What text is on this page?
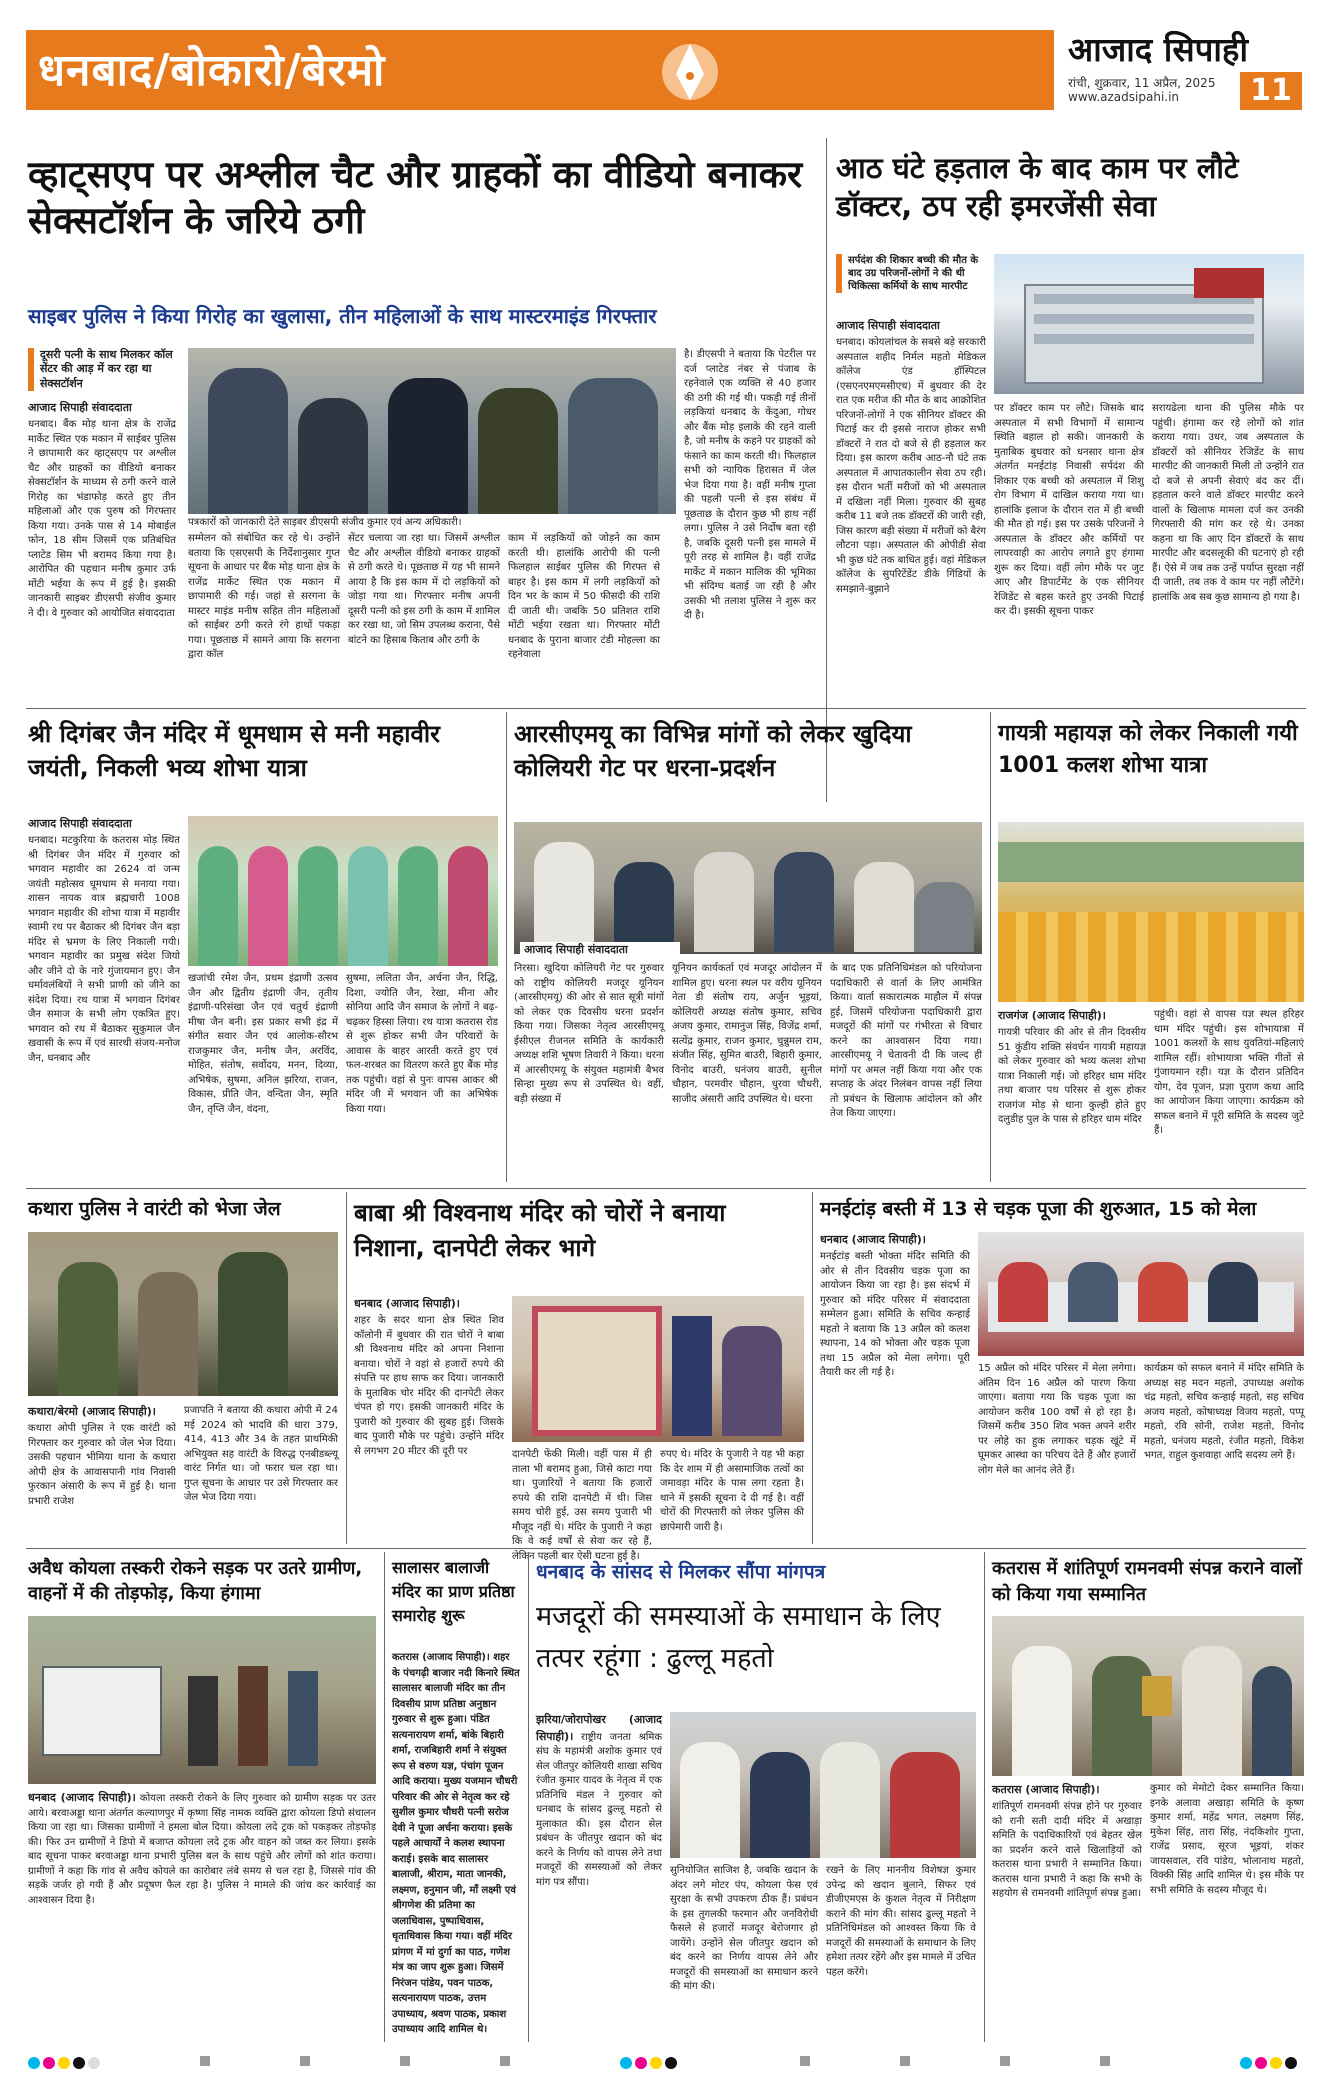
धनबाद/बोकारो/बेरमो	आजाद सिपाही
रांची, शुक्रवार, 11 अप्रैल, 2025
www.azadsipahi.in	11
व्हाट्सएप पर अश्लील चैट और ग्राहकों का वीडियो बनाकर सेक्सटॉर्शन के जरिये ठगी
साइबर पुलिस ने किया गिरोह का खुलासा, तीन महिलाओं के साथ मास्टरमाइंड गिरफ्तार
दूसरी पत्नी के साथ मिलकर कॉल सेंटर की आड़ में कर रहा था सेक्सटॉर्शन
आजाद सिपाही संवाददाता
धनबाद। बैंक मोड़ थाना क्षेत्र के राजेंद्र मार्केट स्थित एक मकान में साईबर पुलिस ने छापामारी कर व्हाट्सएप पर अश्लील चैट और ग्राहकों का वीडियो बनाकर सेक्सटॉर्शन के माध्यम से ठगी करने वाले गिरोह का भंडाफोड़ करते हुए तीन महिलाओं और एक पुरुष को गिरफ्तार किया गया। उनके पास से 14 मोबाईल फोन, 18 सीम जिसमें एक प्रतिबंधित प्लाटेड सिम भी बरामद किया गया है। आरोपित की पहचान मनीष कुमार उर्फ मोंटी भईया के रूप में हुई है। इसकी जानकारी साइबर डीएसपी संजीव कुमार ने दी। वे गुरुवार को आयोजित संवाददाता
पत्रकारों को जानकारी देते साइबर डीएसपी संजीव कुमार एवं अन्य अधिकारी।
है। डीएसपी ने बताया कि पेटरील पर दर्ज प्लाटेड नंबर से पंजाब के रहनेवाले एक व्यक्ति से 40 हजार की ठगी की गई थी। पकड़ी गई तीनों लड़कियां धनबाद के केंदुआ, गोधर और बैंक मोड़ इलाके की रहने वाली है, जो मनीष के कहने पर ग्राहकों को फंसाने का काम करती थी। फिलहाल सभी को न्यायिक हिरासत में जेल भेज दिया गया है। वहीं मनीष गुप्ता की पहली पत्नी से इस संबंध में पूछताछ के दौरान कुछ भी हाथ नहीं लगा। पुलिस ने उसे निर्दोष बता रही है, जबकि दूसरी पत्नी इस मामले में पूरी तरह से शामिल है। वहीं राजेंद्र मार्केट में मकान मालिक की भूमिका भी संदिग्ध बताई जा रही है और उसकी भी तलाश पुलिस ने शुरू कर दी है।
सम्मेलन को संबोधित कर रहे थे। उन्होंने बताया कि एसएसपी के निर्देशानुसार गुप्त सूचना के आधार पर बैंक मोड़ थाना क्षेत्र के राजेंद्र मार्केट स्थित एक मकान में छापामारी की गई। जहां से सरगना के मास्टर माइंड मनीष सहित तीन महिलाओं को साईबर ठगी करते रंगे हाथों पकड़ा गया। पूछताछ में सामने आया कि सरगना द्वारा कॉल
सेंटर चलाया जा रहा था। जिसमें अश्लील चैट और अश्लील वीडियो बनाकर ग्राहकों से ठगी करते थे। पूछताछ में यह भी सामने आया है कि इस काम में दो लड़कियों को जोड़ा गया था। गिरफ्तार मनीष अपनी दूसरी पत्नी को इस ठगी के काम में शामिल कर रखा था, जो सिम उपलब्ध कराना, पैसे बांटने का हिसाब किताब और ठगी के
काम में लड़कियों को जोड़ने का काम करती थी। हालांकि आरोपी की पत्नी फिलहाल साईबर पुलिस की गिरफ्त से बाहर है। इस काम में लगी लड़कियों को दिन भर के काम में 50 फीसदी की राशि दी जाती थी। जबकि 50 प्रतिशत राशि मोंटी भईया रखता था। गिरफ्तार मोंटी धनबाद के पुराना बाजार टंडी मोहल्ला का रहनेवाला
आठ घंटे हड़ताल के बाद काम पर लौटे डॉक्टर, ठप रही इमरजेंसी सेवा
सर्पदंश की शिकार बच्ची की मौत के बाद उग्र परिजनों-लोगों ने की थी चिकित्सा कर्मियों के साथ मारपीट
आजाद सिपाही संवाददाता
धनबाद। कोयलांचल के सबसे बड़े सरकारी अस्पताल शहीद निर्मल महतो मेडिकल कॉलेज एंड हॉस्पिटल (एसएनएमएमसीएच) में बुधवार की देर रात एक मरीज की मौत के बाद आक्रोशित परिजनों-लोगों ने एक सीनियर डॉक्टर की पिटाई कर दी इससे नाराज होकर सभी डॉक्टरों ने रात दो बजे से ही हड़ताल कर दिया। इस कारण करीब आठ-नौ घंटे तक अस्पताल में आपातकालीन सेवा ठप रही। इस दौरान भर्ती मरीजों को भी अस्पताल में दखिला नहीं मिला। गुरुवार की सुबह करीब 11 बजे तक डॉक्टरों की जारी रही, जिस कारण बड़ी संख्या में मरीजों को बैरंग लौटना पड़ा। अस्पताल की ओपीडी सेवा भी कुछ घंटे तक बाधित हुई। वहां मेडिकल कॉलेज के सुपरिटेंडेंट डीके गिंडियों के समझाने-बुझाने
पर डॉक्टर काम पर लौटे। जिसके बाद अस्पताल में सभी विभागों में सामान्य स्थिति बहाल हो सकी। जानकारी के मुताबिक बुधवार को धनसार थाना क्षेत्र अंतर्गत मनईटांड़ निवासी सर्पदंश की शिकार एक बच्ची को अस्पताल में शिशु रोग विभाग में दाखिल कराया गया था। हालांकि इलाज के दौरान रात में ही बच्ची की मौत हो गई। इस पर उसके परिजनों ने अस्पताल के डॉक्टर और कर्मियों पर लापरवाही का आरोप लगाते हुए हंगामा शुरू कर दिया। वहीं लोग मौके पर जुट आए और डिपार्टमेंट के एक सीनियर रेजिडेंट से बहस करते हुए उनकी पिटाई कर दी। इसकी सूचना पाकर
सरायढेला थाना की पुलिस मौके पर पहुंची। हंगामा कर रहे लोगों को शांत कराया गया। उधर, जब अस्पताल के डॉक्टरों को सीनियर रेजिडेंट के साथ मारपीट की जानकारी मिली तो उन्होंने रात दो बजे से अपनी सेवाएं बंद कर दीं। हड़ताल करने वाले डॉक्टर मारपीट करने वालों के खिलाफ मामला दर्ज कर उनकी गिरफ्तारी की मांग कर रहे थे। उनका कहना था कि आए दिन डॉक्टरों के साथ मारपीट और बदसलूकी की घटनाएं हो रही हैं। ऐसे में जब तक उन्हें पर्याप्त सुरक्षा नहीं दी जाती, तब तक वे काम पर नहीं लौटेंगे। हालांकि अब सब कुछ सामान्य हो गया है।
श्री दिगंबर जैन मंदिर में धूमधाम से मनी महावीर जयंती, निकली भव्य शोभा यात्रा
आजाद सिपाही संवाददाता
धनबाद। मटकुरिया के कतरास मोड़ स्थित श्री दिगंबर जैन मंदिर में गुरुवार को भगवान महावीर का 2624 वां जन्म जयंती महोत्सव धूमधाम से मनाया गया। शासन नायक वात्र ब्रह्मचारी 1008 भगवान महावीर की शोभा यात्रा में महावीर स्वामी रथ पर बैठाकर श्री दिगंबर जैन बड़ा मंदिर से भ्रमण के लिए निकाली गयी। भगवान महावीर का प्रमुख संदेश जियो और जीने दो के नारे गुंजायमान हुए। जैन धर्मावलंबियों ने सभी प्राणी को जीने का संदेश दिया। रथ यात्रा में भगवान दिगंबर जैन समाज के सभी लोग एकत्रित हुए। भगवान को रथ में बैठाकर सुकुमाल जैन खवासी के रूप में एवं सारथी संजय-मनोज जैन, धनबाद और
खजांची रमेश जैन, प्रथम इंद्राणी उत्सव जैन और द्वितीय इंद्राणी जैन, तृतीय इंद्राणी-परिसंखा जैन एवं चतुर्थ इंद्राणी मीषा जैन बनी। इस प्रकार सभी इंद्र में संगीत सवार जैन एवं आलोक-सौरभ राजकुमार जैन, मनीष जैन, अरविंद, मोहित, संतोष, सर्वोदय, मनन, दिव्या, अभिषेक, सुषमा, अनिल झरिया, राजन, विकास, प्रीति जैन, वन्दिता जैन, स्मृति जैन, तृप्ति जैन, वंदना,
सुषमा, ललिता जैन, अर्चना जैन, रिद्धि, दिशा, ज्योति जैन, रेखा, मीना और सोनिया आदि जैन समाज के लोगों ने बढ़-चढ़कर हिस्सा लिया। रथ यात्रा कतरास रोड से शुरू होकर सभी जैन परिवारों के आवास के बाहर आरती करते हुए एवं फल-शरबत का वितरण करते हुए बैंक मोड़ तक पहुंची। वहां से पुनः वापस आकर श्री मंदिर जी में भगवान जी का अभिषेक किया गया।
आरसीएमयू का विभिन्न मांगों को लेकर खुदिया कोलियरी गेट पर धरना-प्रदर्शन
आजाद सिपाही संवाददाता
निरसा। खुदिया कोलियरी गेट पर गुरुवार को राष्ट्रीय कोलियरी मजदूर यूनियन (आरसीएमयू) की ओर से सात सूत्री मांगों को लेकर एक दिवसीय धरना प्रदर्शन किया गया। जिसका नेतृत्व आरसीएमयू ईसीएल रीजनल समिति के कार्यकारी अध्यक्ष शशि भूषण तिवारी ने किया। धरना में आरसीएमयू के संयुक्त महामंत्री बैभव सिन्हा मुख्य रूप से उपस्थित थे। वहीं, बड़ी संख्या में
यूनियन कार्यकर्ता एवं मजदूर आंदोलन में शामिल हुए। धरना स्थल पर वरीय यूनियन नेता डी संतोष राय, अर्जुन भूइयां, कोलियरी अध्यक्ष संतोष कुमार, सचिव अजय कुमार, रामानुज सिंह, विजेंद्र शर्मा, सत्येंद्र कुमार, राजन कुमार, चुन्नुमल राम, संजीत सिंह, सुमित बाउरी, बिहारी कुमार, विनोद बाउरी, धनंजय बाउरी, सुनील चौहान, परमवीर चौहान, धुरवा चौधरी, साजीद अंसारी आदि उपस्थित थे। धरना
के बाद एक प्रतिनिधिमंडल को परियोजना पदाधिकारी से वार्ता के लिए आमंत्रित किया। वार्ता सकारात्मक माहौल में संपन्न हुई, जिसमें परियोजना पदाधिकारी द्वारा मजदूरों की मांगों पर गंभीरता से विचार करने का आश्वासन दिया गया। आरसीएमयू ने चेतावनी दी कि जल्द ही मांगों पर अमल नहीं किया गया और एक सप्ताह के अंदर निलंबन वापस नहीं लिया तो प्रबंधन के खिलाफ आंदोलन को और तेज किया जाएगा।
गायत्री महायज्ञ को लेकर निकाली गयी 1001 कलश शोभा यात्रा
राजगंज (आजाद सिपाही)।
गायत्री परिवार की ओर से तीन दिवसीय 51 कुंडीय शक्ति संवर्धन गायत्री महायज्ञ को लेकर गुरुवार को भव्य कलश शोभा यात्रा निकाली गई। जो हरिहर धाम मंदिर तथा बाजार पथ परिसर से शुरू होकर राजगंज मोड़ से थाना कुल्ही होते हुए दलुडीह पुल के पास से हरिहर धाम मंदिर
पहुंची। वहां से वापस यज्ञ स्थल हरिहर धाम मंदिर पहुंची। इस शोभायात्रा में 1001 कलशों के साथ युवतियां-महिलाएं शामिल रहीं। शोभायात्रा भक्ति गीतों से गुंजायमान रही। यज्ञ के दौरान प्रतिदिन योग, देव पूजन, प्रज्ञा पुराण कथा आदि का आयोजन किया जाएगा। कार्यक्रम को सफल बनाने में पूरी समिति के सदस्य जुटे हैं।
कथारा पुलिस ने वारंटी को भेजा जेल
कथारा/बेरमो (आजाद सिपाही)।
कथारा ओपी पुलिस ने एक वारंटी को गिरफ्तार कर गुरुवार को जेल भेज दिया। उसकी पहचान भीमिया थाना के कथारा ओपी क्षेत्र के आवासपानी गांव निवासी फुरकान अंसारी के रूप में हुई है। थाना प्रभारी राजेश
प्रजापति ने बताया की कथारा ओपी में 24 मई 2024 को भादवि की धारा 379, 414, 413 और 34 के तहत प्राथमिकी अभियुक्त सह वारंटी के विरुद्ध एनबीडब्ल्यू वारंट निर्गत था। जो फरार चल रहा था। गुप्त सूचना के आधार पर उसे गिरफ्तार कर जेल भेज दिया गया।
बाबा श्री विश्वनाथ मंदिर को चोरों ने बनाया निशाना, दानपेटी लेकर भागे
धनबाद (आजाद सिपाही)।
शहर के सदर थाना क्षेत्र स्थित शिव कॉलोनी में बुधवार की रात चोरों ने बाबा श्री विश्वनाथ मंदिर को अपना निशाना बनाया। चोरों ने वहां से हजारों रुपये की संपत्ति पर हाथ साफ कर दिया। जानकारी के मुताबिक चोर मंदिर की दानपेटी लेकर चंपत हो गए। इसकी जानकारी मंदिर के पुजारी को गुरुवार की सुबह हुई। जिसके बाद पुजारी मौके पर पहुंचे। उन्होंने मंदिर से लगभग 20 मीटर की दूरी पर	दानपेटी फेंकी मिली। वहीं पास में ही ताला भी बरामद हुआ, जिसे काटा गया था। पुजारियों ने बताया कि हजारों रुपये की राशि दानपेटी में थी। जिस समय चोरी हुई, उस समय पुजारी भी मौजूद नहीं थे। मंदिर के पुजारी ने कहा कि वे कई वर्षों से सेवा कर रहे हैं, लेकिन पहली बार ऐसी घटना हुई है।
रुपए थे। मंदिर के पुजारी ने यह भी कहा कि देर शाम में ही असामाजिक तत्वों का जमावड़ा मंदिर के पास लगा रहता है। थाने में इसकी सूचना दे दी गई है। वहीं चोरों की गिरफ्तारी को लेकर पुलिस की छापेमारी जारी है।
मनईटांड़ बस्ती में 13 से चड़क पूजा की शुरुआत, 15 को मेला
धनबाद (आजाद सिपाही)।
मनईटांड़ बस्ती भोक्ता मंदिर समिति की ओर से तीन दिवसीय चड़क पूजा का आयोजन किया जा रहा है। इस संदर्भ में गुरुवार को मंदिर परिसर में संवाददाता सम्मेलन हुआ। समिति के सचिव कन्हाई महतो ने बताया कि 13 अप्रैल को कलश स्थापना, 14 को भोक्ता और चड़क पूजा तथा 15 अप्रैल को मेला लगेगा। पूरी तैयारी कर ली गई है।	15 अप्रैल को मंदिर परिसर में मेला लगेगा। अंतिम दिन 16 अप्रैल को पारण किया जाएगा। बताया गया कि चड़क पूजा का आयोजन करीब 100 वर्षों से हो रहा है। जिसमें करीब 350 शिव भक्त अपने शरीर पर लोहे का हुक लगाकर चड़क खूंटे में घूमकर आस्था का परिचय देते हैं और हजारों लोग मेले का आनंद लेते हैं।
कार्यक्रम को सफल बनाने में मंदिर समिति के अध्यक्ष सह मदन महतो, उपाध्यक्ष अशोक चंद्र महतो, सचिव कन्हाई महतो, सह सचिव अजय महतो, कोषाध्यक्ष विजय महतो, पप्पू महतो, रवि सोनी, राजेश महतो, विनोद महतो, धनंजय महतो, रंजीत महतो, विकेश भगत, राहुल कुशवाहा आदि सदस्य लगे हैं।
अवैध कोयला तस्करी रोकने सड़क पर उतरे ग्रामीण, वाहनों में की तोड़फोड़, किया हंगामा
धनबाद (आजाद सिपाही)। कोयला तस्करी रोकने के लिए गुरुवार को ग्रामीण सड़क पर उतर आये। बरवाअड्डा थाना अंतर्गत कल्याणपुर में कृष्णा सिंह नामक व्यक्ति द्वारा कोयला डिपो संचालन किया जा रहा था। जिसका ग्रामीणों ने हमला बोल दिया। कोयला लदे ट्रक को पकड़कर तोड़फोड़ की। फिर उन ग्रामीणों ने डिपो में बजाप्त कोयला लदे ट्रक और वाहन को जब्त कर लिया। इसके बाद सूचना पाकर बरवाअड्डा थाना प्रभारी पुलिस बल के साथ पहुंचे और लोगों को शांत कराया। ग्रामीणों ने कहा कि गांव से अवैध कोयले का कारोबार लंबे समय से चल रहा है, जिससे गांव की सड़कें जर्जर हो गयी हैं और प्रदूषण फैल रहा है। पुलिस ने मामले की जांच कर कार्रवाई का आश्वासन दिया है।
सालासर बालाजी मंदिर का प्राण प्रतिष्ठा समारोह शुरू
कतरास (आजाद सिपाही)। शहर के पंचगढ़ी बाजार नदी किनारे स्थित सालासर बालाजी मंदिर का तीन दिवसीय प्राण प्रतिष्ठा अनुष्ठान गुरुवार से शुरू हुआ। पंडित सत्यनारायण शर्मा, बांके बिहारी शर्मा, राजबिहारी शर्मा ने संयुक्त रूप से वरुण यज्ञ, पंचांग पूजन आदि कराया। मुख्य यजमान चौधरी परिवार की ओर से नेतृत्व कर रहे सुशील कुमार चौधरी पत्नी सरोज देवी ने पूजा अर्चना कराया। इसके पहले आचार्यों ने कलश स्थापना कराई। इसके बाद सालासर बालाजी, श्रीराम, माता जानकी, लक्ष्मण, हनुमान जी, माँ लक्ष्मी एवं श्रीगणेश की प्रतिमा का जलाधिवास, पुष्पाधिवास, धृताधिवास किया गया। वहीं मंदिर प्रांगण में मां दुर्गा का पाठ, गणेश मंत्र का जाप शुरू हुआ। जिसमें निरंजन पांडेय, पवन पाठक, सत्यनारायण पाठक, उत्तम उपाध्याय, श्रवण पाठक, प्रकाश उपाध्याय आदि शामिल थे।
धनबाद के सांसद से मिलकर सौंपा मांगपत्र
मजदूरों की समस्याओं के समाधान के लिए तत्पर रहूंगा : ढुल्लू महतो
झरिया/जोरापोखर (आजाद सिपाही)। राष्ट्रीय जनता श्रमिक संघ के महामंत्री अशोक कुमार एवं सेल जीतपुर कोलियरी शाखा सचिव रंजीत कुमार यादव के नेतृत्व में एक प्रतिनिधि मंडल ने गुरुवार को धनबाद के सांसद ढुल्लू महतो से मुलाकात की। इस दौरान सेल प्रबंधन के जीतपुर खदान को बंद करने के निर्णय को वापस लेने तथा मजदूरों की समस्याओं को लेकर मांग पत्र सौंपा।
सुनियोजित साजिश है, जबकि खदान के अंदर लगे मोटर पंप, कोयला फेस एवं सुरक्षा के सभी उपकरण ठीक हैं। प्रबंधन के इस तुगलकी फरमान और जनविरोधी फैसले से हजारों मजदूर बेरोजगार हो जायेंगे। उन्होंने सेल जीतपुर खदान को बंद करने का निर्णय वापस लेने और मजदूरों की समस्याओं का समाधान करने की मांग की।
रखने के लिए माननीय विशेषज्ञ कुमार उपेन्द्र को खदान बुलाने, सिफर एवं डीजीएमएस के कुशल नेतृत्व में निरीक्षण कराने की मांग की। सांसद ढुल्लू महतो ने प्रतिनिधिमंडल को आश्वस्त किया कि वे मजदूरों की समस्याओं के समाधान के लिए हमेशा तत्पर रहेंगे और इस मामले में उचित पहल करेंगे।
कतरास में शांतिपूर्ण रामनवमी संपन्न कराने वालों को किया गया सम्मानित
कतरास (आजाद सिपाही)।
शांतिपूर्ण रामनवमी संपन्न होने पर गुरुवार को रानी सती दादी मंदिर में अखाड़ा समिति के पदाधिकारियों एवं बेहतर खेल का प्रदर्शन करने वाले खिलाड़ियों को कतरास थाना प्रभारी ने सम्मानित किया। कतरास थाना प्रभारी ने कहा कि सभी के सहयोग से रामनवमी शांतिपूर्ण संपन्न हुआ।
कुमार को मेमोटो देकर सम्मानित किया। इनके अलावा अखाड़ा समिति के कृष्ण कुमार शर्मा, महेंद्र भगत, लक्ष्मण सिंह, मुकेश सिंह, तारा सिंह, नंदकिशोर गुप्ता, राजेंद्र प्रसाद, सूरज भूइयां, शंकर जायसवाल, रवि पांडेय, भोलानाथ महतो, विक्की सिंह आदि शामिल थे। इस मौके पर सभी समिति के सदस्य मौजूद थे।
